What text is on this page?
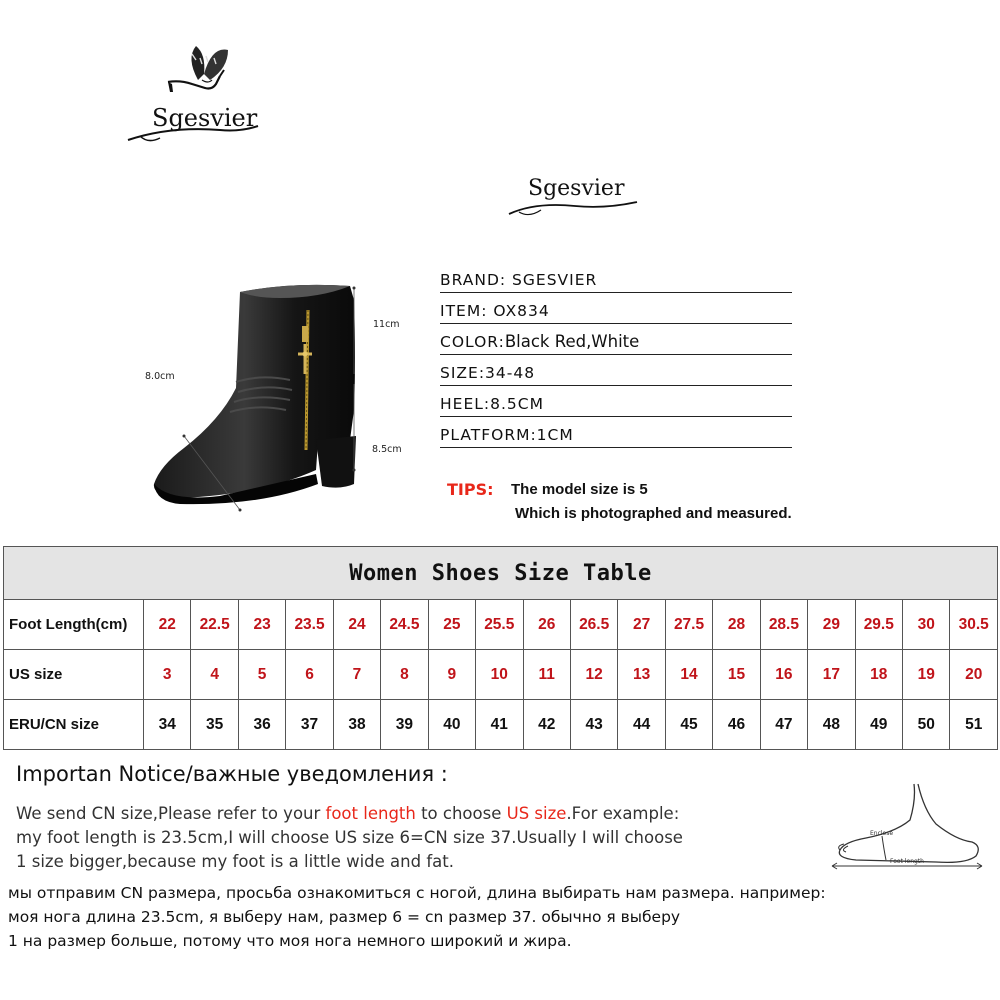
Sgesvier
Sgesvier
11cm
8.0cm
8.5cm
BRAND: SGESVIER
ITEM: OX834
COLOR:Black Red,White
SIZE:34-48
HEEL:8.5CM
PLATFORM:1CM
TIPS: The model size is 5
Which is photographed and measured.
Women Shoes Size Table																		
Foot Length(cm)	22	22.5	23	23.5	24	24.5	25	25.5	26	26.5	27	27.5	28	28.5	29	29.5	30	30.5
US size	3	4	5	6	7	8	9	10	11	12	13	14	15	16	17	18	19	20
ERU/CN size	34	35	36	37	38	39	40	41	42	43	44	45	46	47	48	49	50	51
Importan Notice/важные уведомления :
We send CN size,Please refer to your foot length to choose US size.For example:
my foot length is 23.5cm,I will choose US size 6=CN size 37.Usually I will choose
1 size bigger,because my foot is a little wide and fat.
мы отправим CN размера, просьба ознакомиться с ногой, длина выбирать нам размера. например:
моя нога длина 23.5cm, я выберу нам, размер 6 = cn размер 37. обычно я выберу
1 на размер больше, потому что моя нога немного широкий и жира.
Enclose
Foot length
